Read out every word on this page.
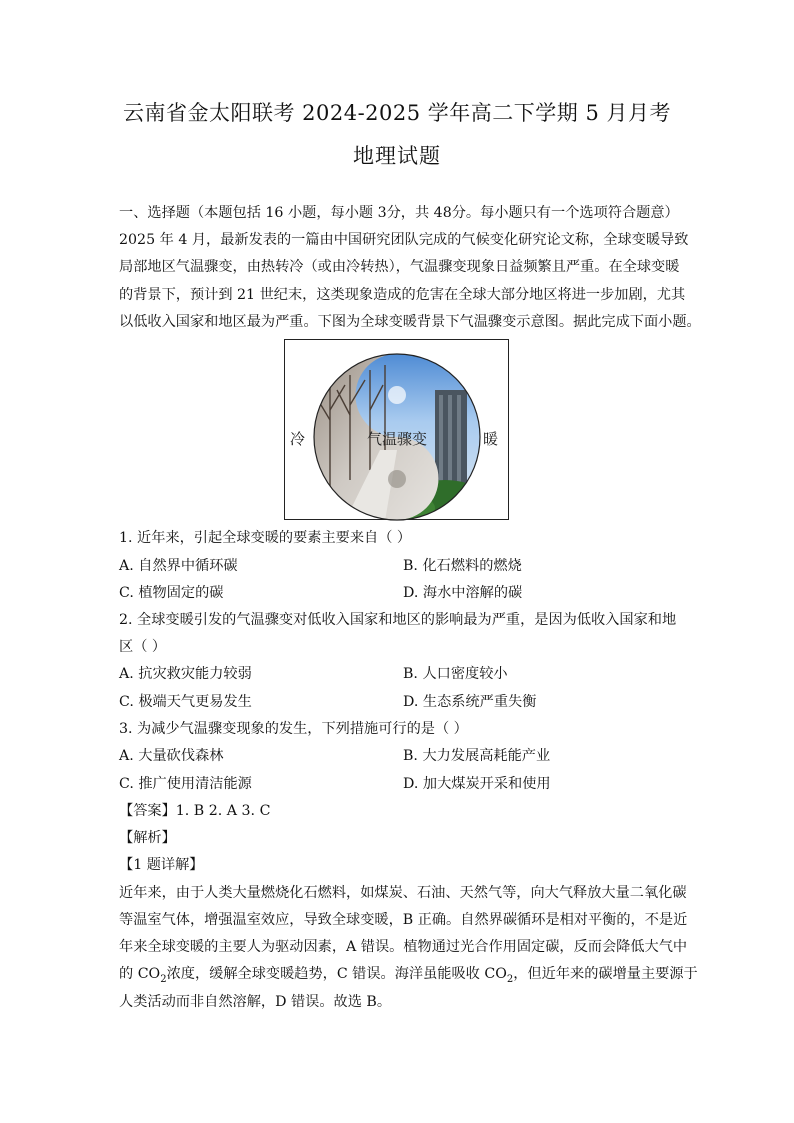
云南省金太阳联考 2024-2025 学年高二下学期 5 月月考
地理试题
一、选择题（本题包括 16 小题，每小题 3分，共 48分。每小题只有一个选项符合题意）
2025 年 4 月，最新发表的一篇由中国研究团队完成的气候变化研究论文称，全球变暖导致
局部地区气温骤变，由热转冷（或由冷转热），气温骤变现象日益频繁且严重。在全球变暖
的背景下，预计到 21 世纪末，这类现象造成的危害在全球大部分地区将进一步加剧，尤其
以低收入国家和地区最为严重。下图为全球变暖背景下气温骤变示意图。据此完成下面小题。
冷	暖
气温骤变
1. 近年来，引起全球变暖的要素主要来自（ ）
A. 自然界中循环碳	B. 化石燃料的燃烧
C. 植物固定的碳	D. 海水中溶解的碳
2. 全球变暖引发的气温骤变对低收入国家和地区的影响最为严重，是因为低收入国家和地
区（ ）
A. 抗灾救灾能力较弱	B. 人口密度较小
C. 极端天气更易发生	D. 生态系统严重失衡
3. 为减少气温骤变现象的发生，下列措施可行的是（ ）
A. 大量砍伐森林	B. 大力发展高耗能产业
C. 推广使用清洁能源	D. 加大煤炭开采和使用
【答案】1. B 2. A 3. C
【解析】
【1 题详解】
近年来，由于人类大量燃烧化石燃料，如煤炭、石油、天然气等，向大气释放大量二氧化碳
等温室气体，增强温室效应，导致全球变暖，B 正确。自然界碳循环是相对平衡的，不是近
年来全球变暖的主要人为驱动因素，A 错误。植物通过光合作用固定碳，反而会降低大气中
的 $CO_2$浓度，缓解全球变暖趋势，C 错误。海洋虽能吸收 $CO_2$，但近年来的碳增量主要源于
人类活动而非自然溶解，D 错误。故选 B。
